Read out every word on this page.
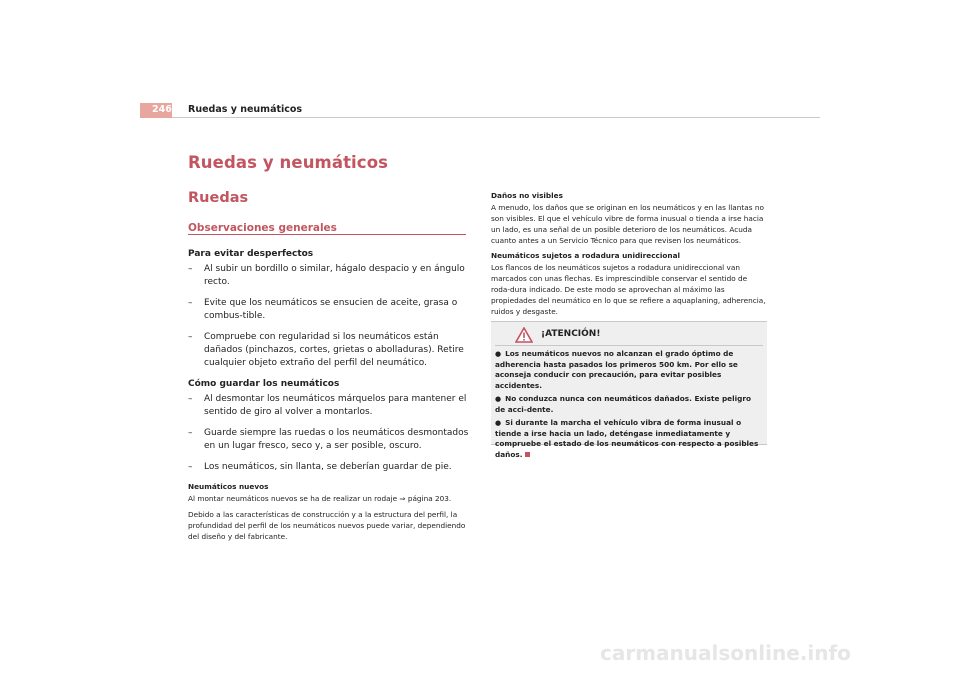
246 Ruedas y neumáticos
Ruedas y neumáticos
Ruedas
Observaciones generales
Para evitar desperfectos
– Al subir un bordillo o similar, hágalo despacio y en ángulo recto.
– Evite que los neumáticos se ensucien de aceite, grasa o combus-tible.
– Compruebe con regularidad si los neumáticos están dañados (pinchazos, cortes, grietas o abolladuras). Retire cualquier objeto extraño del perfil del neumático.
Cómo guardar los neumáticos
– Al desmontar los neumáticos márquelos para mantener el sentido de giro al volver a montarlos.
– Guarde siempre las ruedas o los neumáticos desmontados en un lugar fresco, seco y, a ser posible, oscuro.
– Los neumáticos, sin llanta, se deberían guardar de pie.
Neumáticos nuevos

Al montar neumáticos nuevos se ha de realizar un rodaje ⇒ página 203.

Debido a las características de construcción y a la estructura del perfil, la profundidad del perfil de los neumáticos nuevos puede variar, dependiendo del diseño y del fabricante.

Daños no visibles

A menudo, los daños que se originan en los neumáticos y en las llantas no son visibles. El que el vehículo vibre de forma inusual o tienda a irse hacia un lado, es una señal de un posible deterioro de los neumáticos. Acuda cuanto antes a un Servicio Técnico para que revisen los neumáticos.

Neumáticos sujetos a rodadura unidireccional

Los flancos de los neumáticos sujetos a rodadura unidireccional van marcados con unas flechas. Es imprescindible conservar el sentido de roda-dura indicado. De este modo se aprovechan al máximo las propiedades del neumático en lo que se refiere a aquaplaning, adherencia, ruidos y desgaste.

¡ATENCIÓN!
● Los neumáticos nuevos no alcanzan el grado óptimo de adherencia hasta pasados los primeros 500 km. Por ello se aconseja conducir con precaución, para evitar posibles accidentes.
● No conduzca nunca con neumáticos dañados. Existe peligro de acci-dente.
● Si durante la marcha el vehículo vibra de forma inusual o tiende a irse hacia un lado, deténgase inmediatamente y compruebe el estado de los neumáticos con respecto a posibles daños.
carmanualsonline.info
